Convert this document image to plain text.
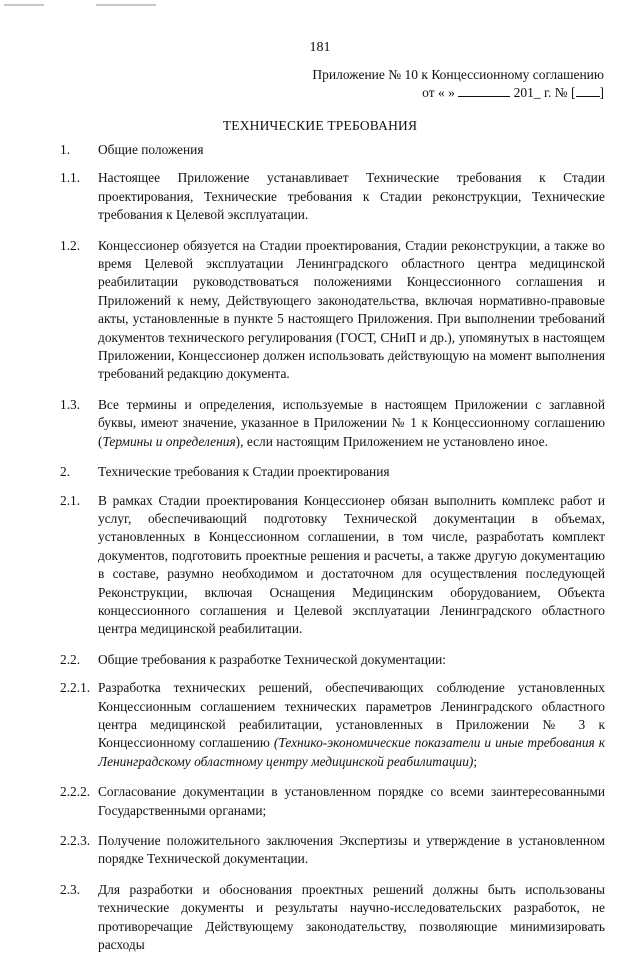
181
Приложение № 10 к Концессионному соглашению
от « »	201_ г. № [ ]
ТЕХНИЧЕСКИЕ ТРЕБОВАНИЯ
1.	Общие положения
1.1.	Настоящее Приложение устанавливает Технические требования к Стадии проектирования, Технические требования к Стадии реконструкции, Технические требования к Целевой эксплуатации.
1.2.	Концессионер обязуется на Стадии проектирования, Стадии реконструкции, а также во время Целевой эксплуатации Ленинградского областного центра медицинской реабилитации руководствоваться положениями Концессионного соглашения и Приложений к нему, Действующего законодательства, включая нормативно-правовые акты, установленные в пункте 5 настоящего Приложения. При выполнении требований документов технического регулирования (ГОСТ, СНиП и др.), упомянутых в настоящем Приложении, Концессионер должен использовать действующую на момент выполнения требований редакцию документа.
1.3.	Все термины и определения, используемые в настоящем Приложении с заглавной буквы, имеют значение, указанное в Приложении № 1 к Концессионному соглашению (Термины и определения), если настоящим Приложением не установлено иное.
2.	Технические требования к Стадии проектирования
2.1.	В рамках Стадии проектирования Концессионер обязан выполнить комплекс работ и услуг, обеспечивающий подготовку Технической документации в объемах, установленных в Концессионном соглашении, в том числе, разработать комплект документов, подготовить проектные решения и расчеты, а также другую документацию в составе, разумно необходимом и достаточном для осуществления последующей Реконструкции, включая Оснащения Медицинским оборудованием, Объекта концессионного соглашения и Целевой эксплуатации Ленинградского областного центра медицинской реабилитации.
2.2.	Общие требования к разработке Технической документации:
2.2.1. Разработка технических решений, обеспечивающих соблюдение установленных Концессионным соглашением технических параметров Ленинградского областного центра медицинской реабилитации, установленных в Приложении № 3 к Концессионному соглашению (Технико-экономические показатели и иные требования к Ленинградскому областному центру медицинской реабилитации);
2.2.2. Согласование документации в установленном порядке со всеми заинтересованными Государственными органами;
2.2.3. Получение положительного заключения Экспертизы и утверждение в установленном порядке Технической документации.
2.3.	Для разработки и обоснования проектных решений должны быть использованы технические документы и результаты научно-исследовательских разработок, не противоречащие Действующему законодательству, позволяющие минимизировать расходы
